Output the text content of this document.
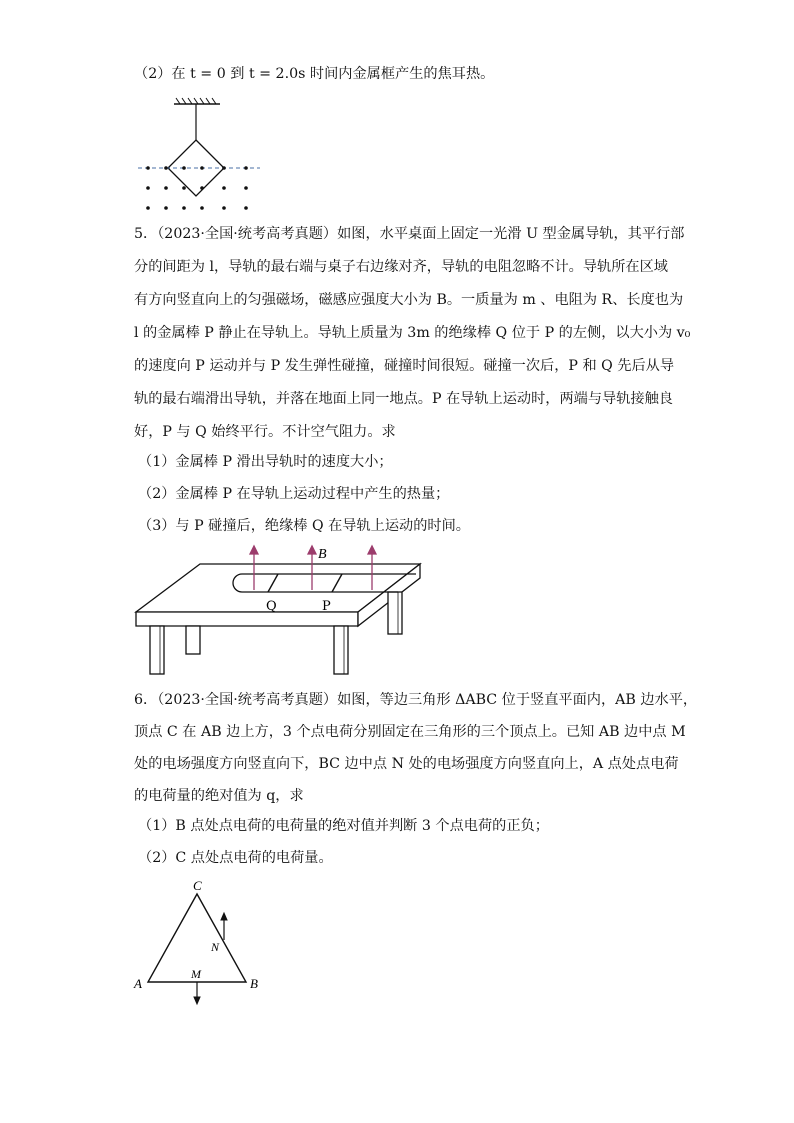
（2）在 t = 0 到 t = 2.0s 时间内金属框产生的焦耳热。
5．（2023·全国·统考高考真题）如图，水平桌面上固定一光滑 U 型金属导轨，其平行部
分的间距为 l，导轨的最右端与桌子右边缘对齐，导轨的电阻忽略不计。导轨所在区域
有方向竖直向上的匀强磁场，磁感应强度大小为 B。一质量为 m 、电阻为 R、长度也为
l 的金属棒 P 静止在导轨上。导轨上质量为 3m 的绝缘棒 Q 位于 P 的左侧，以大小为 v₀
的速度向 P 运动并与 P 发生弹性碰撞，碰撞时间很短。碰撞一次后，P 和 Q 先后从导
轨的最右端滑出导轨，并落在地面上同一地点。P 在导轨上运动时，两端与导轨接触良
好，P 与 Q 始终平行。不计空气阻力。求
（1）金属棒 P 滑出导轨时的速度大小；
（2）金属棒 P 在导轨上运动过程中产生的热量；
（3）与 P 碰撞后，绝缘棒 Q 在导轨上运动的时间。
B
Q	P
6．（2023·全国·统考高考真题）如图，等边三角形 ΔABC 位于竖直平面内，AB 边水平，
顶点 C 在 AB 边上方，3 个点电荷分别固定在三角形的三个顶点上。已知 AB 边中点 M
处的电场强度方向竖直向下，BC 边中点 N 处的电场强度方向竖直向上，A 点处点电荷
的电荷量的绝对值为 q，求
（1）B 点处点电荷的电荷量的绝对值并判断 3 个点电荷的正负；
（2）C 点处点电荷的电荷量。
C
A	B
M
N
